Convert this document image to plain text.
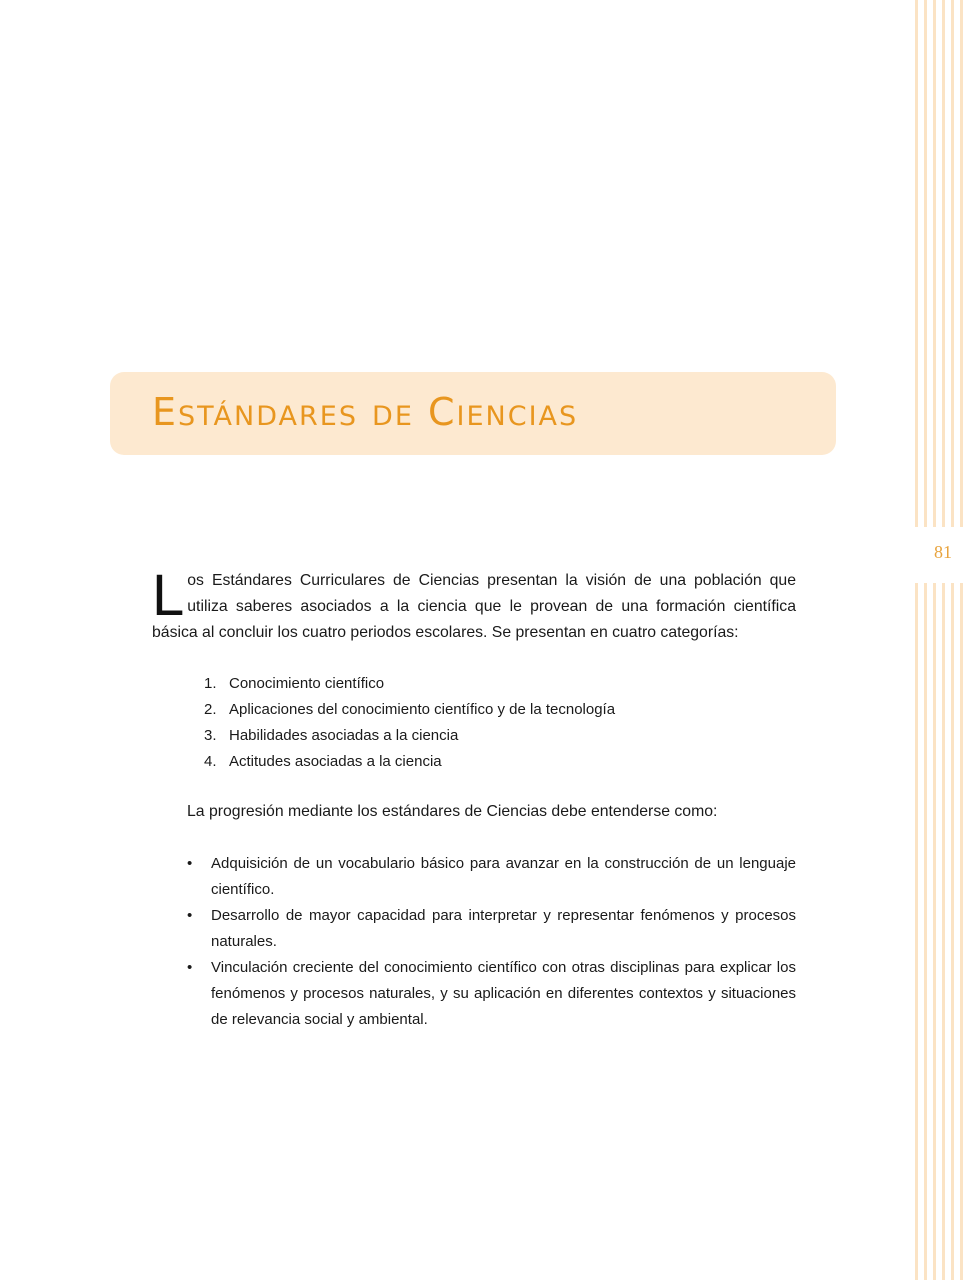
81
Estándares de Ciencias

Los Estándares Curriculares de Ciencias presentan la visión de una población que utiliza saberes asociados a la ciencia que le provean de una formación científica básica al concluir los cuatro periodos escolares. Se presentan en cuatro categorías:

1. Conocimiento científico
2. Aplicaciones del conocimiento científico y de la tecnología
3. Habilidades asociadas a la ciencia
4. Actitudes asociadas a la ciencia

La progresión mediante los estándares de Ciencias debe entenderse como:

• Adquisición de un vocabulario básico para avanzar en la construcción de un lenguaje científico.
• Desarrollo de mayor capacidad para interpretar y representar fenómenos y procesos naturales.
• Vinculación creciente del conocimiento científico con otras disciplinas para explicar los fenómenos y procesos naturales, y su aplicación en diferentes contextos y situaciones de relevancia social y ambiental.
